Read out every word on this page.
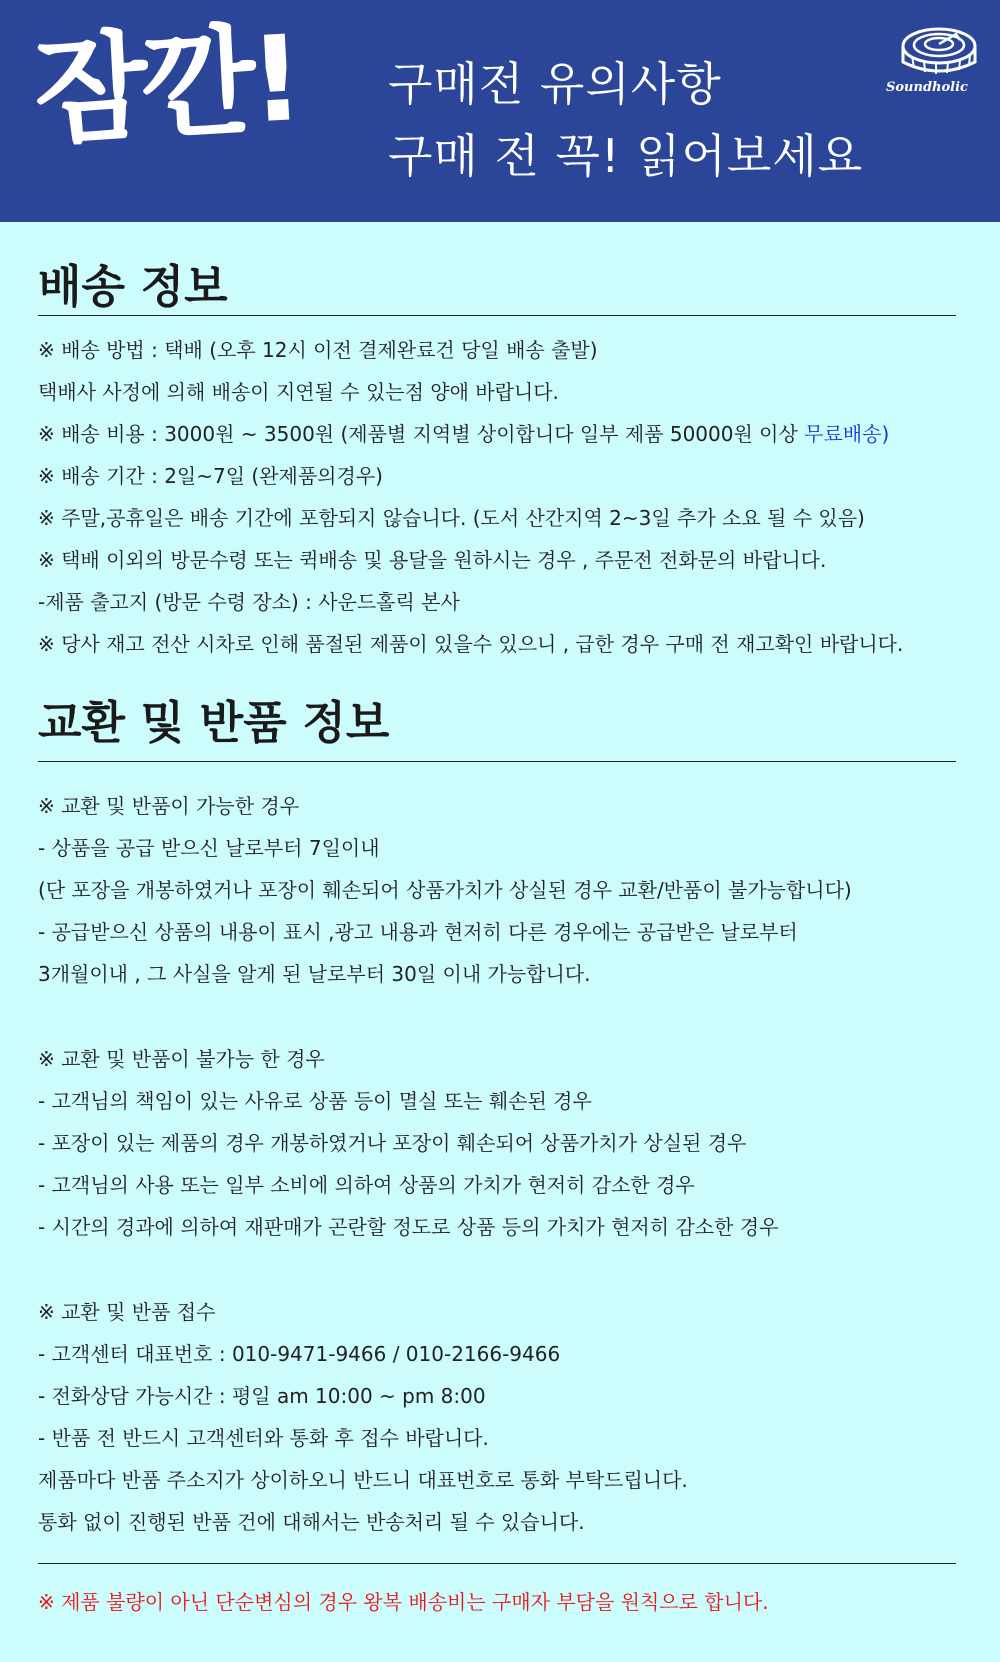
잠깐! 구매전 유의사항
구매 전 꼭! 읽어보세요
Soundholic
배송 정보
※ 배송 방법 : 택배 (오후 12시 이전 결제완료건 당일 배송 출발)
택배사 사정에 의해 배송이 지연될 수 있는점 양애 바랍니다.
※ 배송 비용 : 3000원 ~ 3500원 (제품별 지역별 상이합니다 일부 제품 50000원 이상 무료배송)
※ 배송 기간 : 2일~7일 (완제품의경우)
※ 주말,공휴일은 배송 기간에 포함되지 않습니다. (도서 산간지역 2~3일 추가 소요 될 수 있음)
※ 택배 이외의 방문수령 또는 퀵배송 및 용달을 원하시는 경우 , 주문전 전화문의 바랍니다.
-제품 출고지 (방문 수령 장소) : 사운드홀릭 본사
※ 당사 재고 전산 시차로 인해 품절된 제품이 있을수 있으니 , 급한 경우 구매 전 재고확인 바랍니다.
교환 및 반품 정보
※ 교환 및 반품이 가능한 경우
- 상품을 공급 받으신 날로부터 7일이내
(단 포장을 개봉하였거나 포장이 훼손되어 상품가치가 상실된 경우 교환/반품이 불가능합니다)
- 공급받으신 상품의 내용이 표시 ,광고 내용과 현저히 다른 경우에는 공급받은 날로부터
3개월이내 , 그 사실을 알게 된 날로부터 30일 이내 가능합니다.
※ 교환 및 반품이 불가능 한 경우
- 고객님의 책임이 있는 사유로 상품 등이 멸실 또는 훼손된 경우
- 포장이 있는 제품의 경우 개봉하였거나 포장이 훼손되어 상품가치가 상실된 경우
- 고객님의 사용 또는 일부 소비에 의하여 상품의 가치가 현저히 감소한 경우
- 시간의 경과에 의하여 재판매가 곤란할 정도로 상품 등의 가치가 현저히 감소한 경우
※ 교환 및 반품 접수
- 고객센터 대표번호 : 010-9471-9466 / 010-2166-9466
- 전화상담 가능시간 : 평일 am 10:00 ~ pm 8:00
- 반품 전 반드시 고객센터와 통화 후 접수 바랍니다.
제품마다 반품 주소지가 상이하오니 반드니 대표번호로 통화 부탁드립니다.
통화 없이 진행된 반품 건에 대해서는 반송처리 될 수 있습니다.
※ 제품 불량이 아닌 단순변심의 경우 왕복 배송비는 구매자 부담을 원칙으로 합니다.
